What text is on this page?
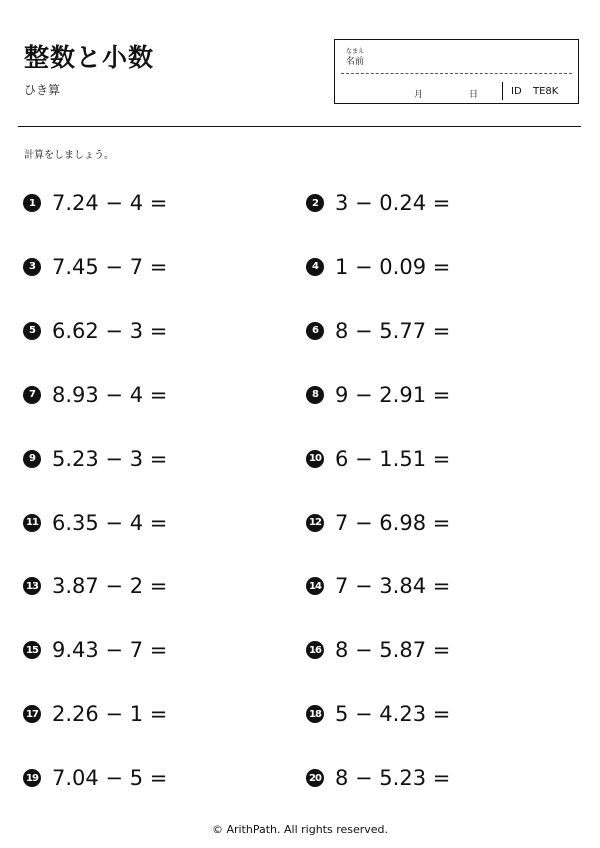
整数と小数
ひき算
なまえ
名前
月	日	ID TE8K
計算をしましょう。
1 7.24 − 4 =	2 3 − 0.24 =
3 7.45 − 7 =	4 1 − 0.09 =
5 6.62 − 3 =	6 8 − 5.77 =
7 8.93 − 4 =	8 9 − 2.91 =
9 5.23 − 3 =	10 6 − 1.51 =
11 6.35 − 4 =	12 7 − 6.98 =
13 3.87 − 2 =	14 7 − 3.84 =
15 9.43 − 7 =	16 8 − 5.87 =
17 2.26 − 1 =	18 5 − 4.23 =
19 7.04 − 5 =	20 8 − 5.23 =
© ArithPath. All rights reserved.
